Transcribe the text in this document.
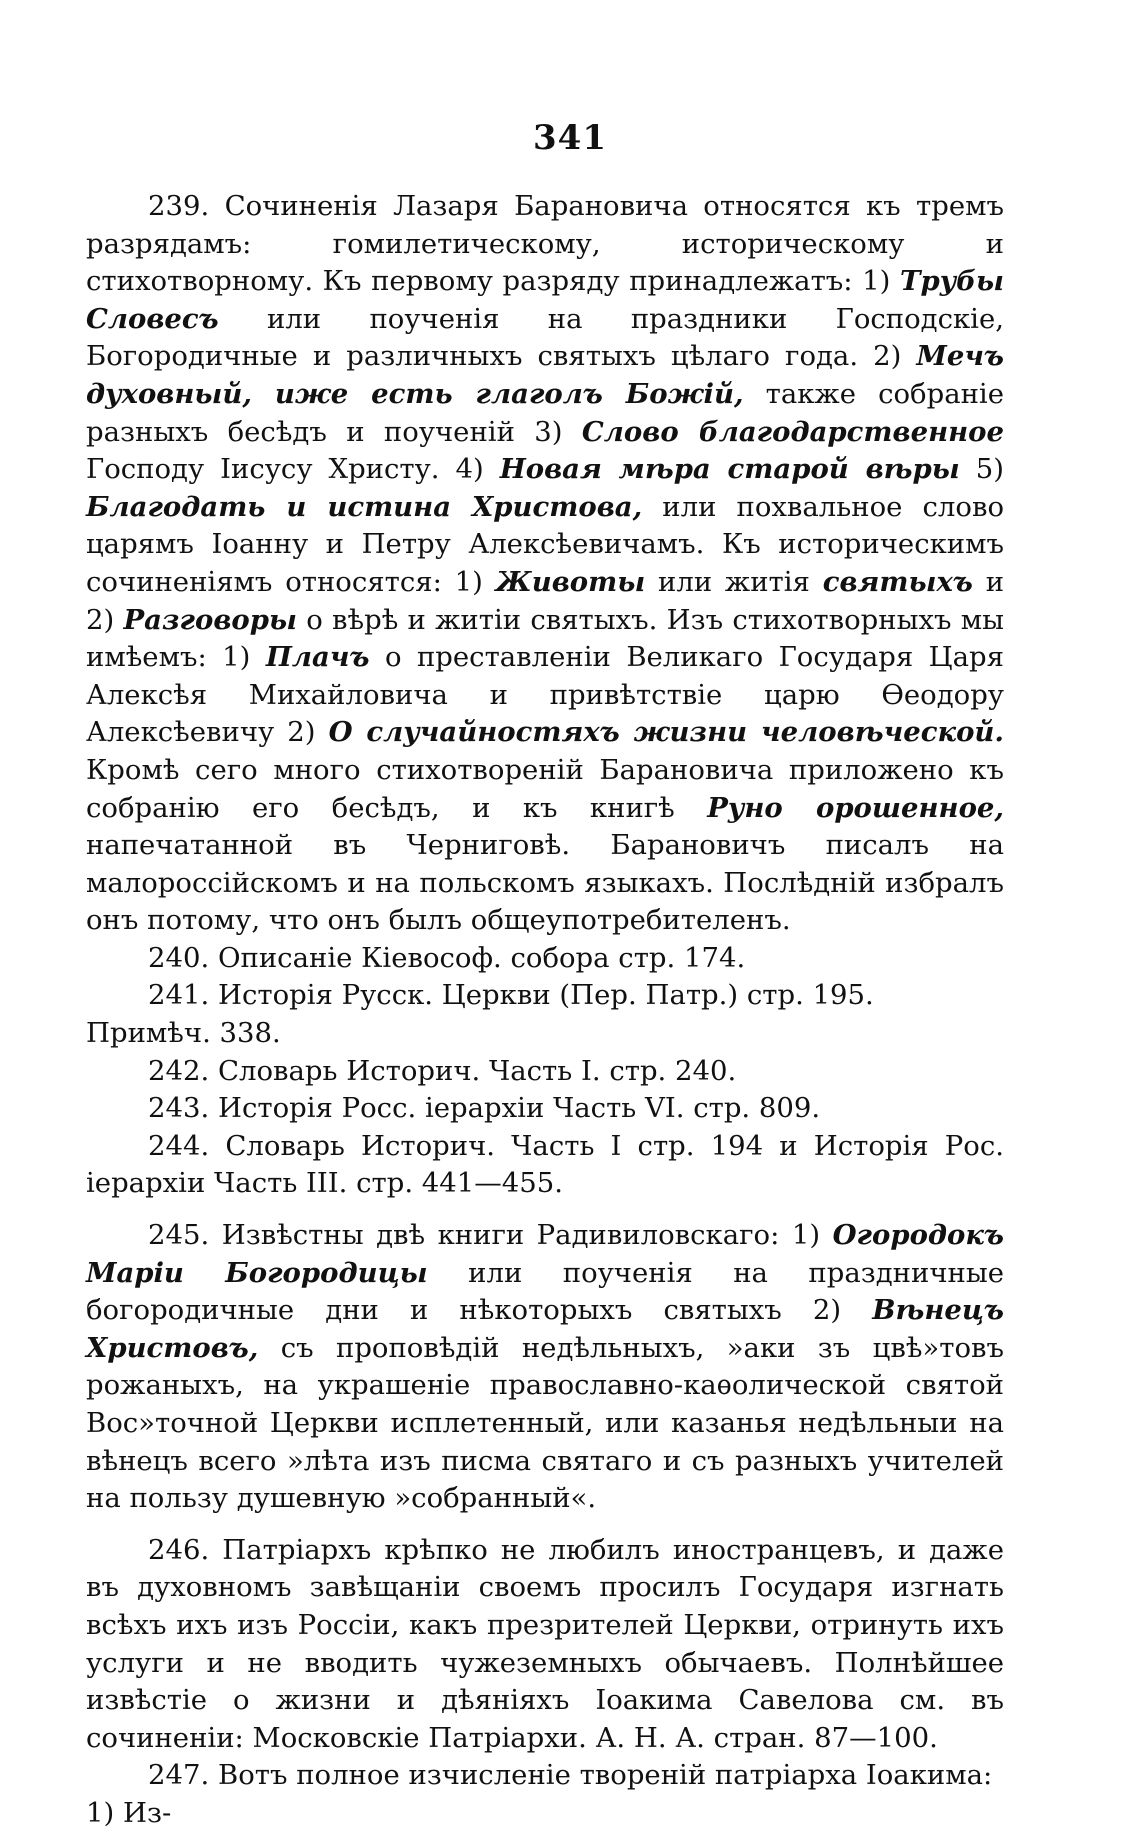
341

239. Сочиненія Лазаря Барановича относятся къ тремъ разрядамъ: гомилетическому, историческому и стихотворному. Къ первому разряду принадлежатъ: 1) Трубы Словесъ или поученія на праздники Господскіе, Богородичные и различныхъ святыхъ цѣлаго года. 2) Мечъ духовный, иже есть глаголъ Божій, также собраніе разныхъ бесѣдъ и поученій 3) Слово благодарственное Господу Іисусу Христу. 4) Новая мѣра старой вѣры 5) Благодать и истина Христова, или похвальное слово царямъ Іоанну и Петру Алексѣевичамъ. Къ историческимъ сочиненіямъ относятся: 1) Животы или житія святыхъ и 2) Разговоры о вѣрѣ и житіи святыхъ. Изъ стихотворныхъ мы имѣемъ: 1) Плачъ о преставленіи Великаго Государя Царя Алексѣя Михайловича и привѣтствіе царю Ѳеодору Алексѣевичу 2) О случайностяхъ жизни человѣческой. Кромѣ сего много стихотвореній Барановича приложено къ собранію его бесѣдъ, и къ книгѣ Руно орошенное, напечатанной въ Черниговѣ. Барановичъ писалъ на малороссійскомъ и на польскомъ языкахъ. Послѣдній избралъ онъ потому, что онъ былъ общеупотребителенъ.

240. Описаніе Кіевософ. собора стр. 174.

241. Исторія Русск. Церкви (Пер. Патр.) стр. 195. Примѣч. 338.

242. Словарь Историч. Часть I. стр. 240.

243. Исторія Росс. іерархіи Часть VI. стр. 809.

244. Словарь Историч. Часть I стр. 194 и Исторія Рос. іерархіи Часть III. стр. 441—455.

245. Извѣстны двѣ книги Радивиловскаго: 1) Огородокъ Маріи Богородицы или поученія на праздничные богородичные дни и нѣкоторыхъ святыхъ 2) Вѣнецъ Христовъ, съ проповѣдій недѣльныхъ, »аки зъ цвѣ»товъ рожаныхъ, на украшеніе православно-каѳолической святой Вос»точной Церкви исплетенный, или казанья недѣльныи на вѣнецъ всего »лѣта изъ писма святаго и съ разныхъ учителей на пользу душевную »собранный«.

246. Патріархъ крѣпко не любилъ иностранцевъ, и даже въ духовномъ завѣщаніи своемъ просилъ Государя изгнать всѣхъ ихъ изъ Россіи, какъ презрителей Церкви, отринуть ихъ услуги и не вводить чужеземныхъ обычаевъ. Полнѣйшее извѣстіе о жизни и дѣяніяхъ Іоакима Савелова см. въ сочиненіи: Московскіе Патріархи. А. Н. А. стран. 87—100.

247. Вотъ полное изчисленіе твореній патріарха Іоакима: 1) Из-
